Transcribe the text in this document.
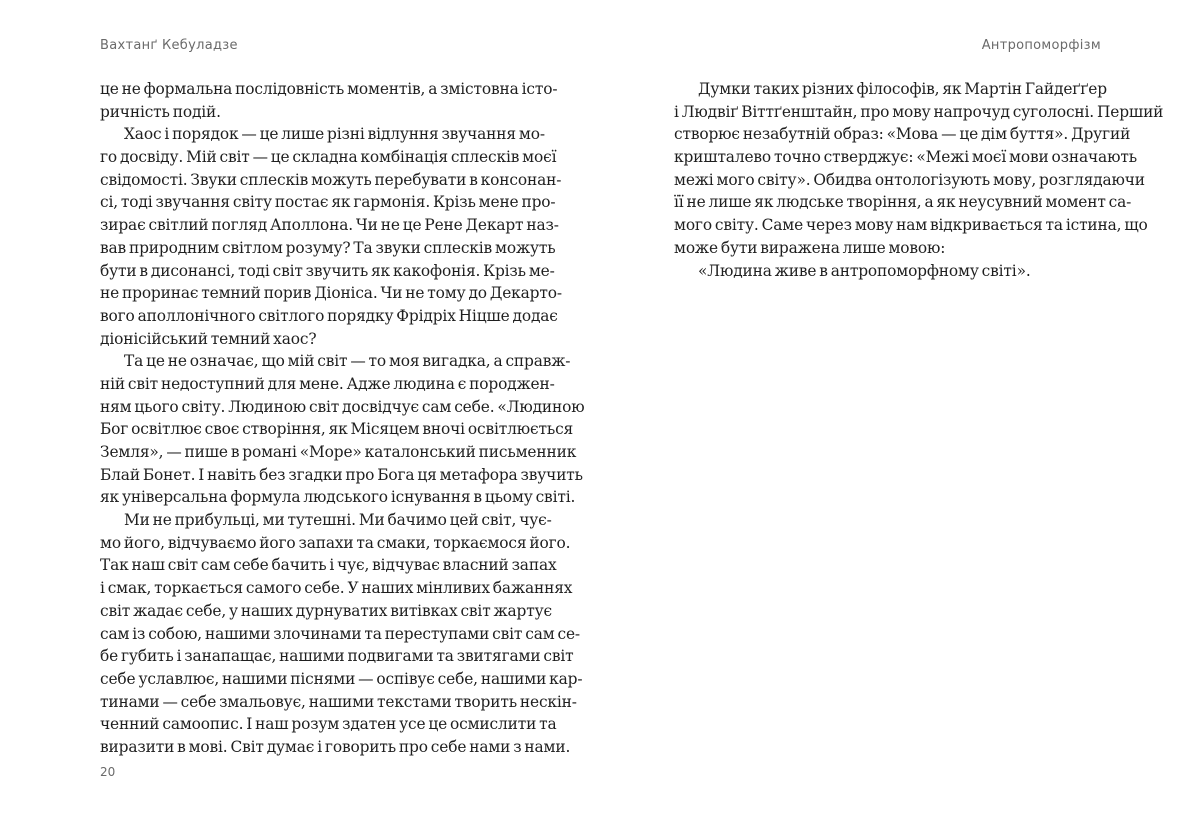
Вахтанґ Кебуладзе
це не формальна послідовність моментів, а змістовна істо-
ричність подій.
Хаос і порядок — це лише різні відлуння звучання мо-
го досвіду. Мій світ — це складна комбінація сплесків моєї
свідомості. Звуки сплесків можуть перебувати в консонан-
сі, тоді звучання світу постає як гармонія. Крізь мене про-
зирає світлий погляд Аполлона. Чи не це Рене Декарт наз-
вав природним світлом розуму? Та звуки сплесків можуть
бути в дисонансі, тоді світ звучить як какофонія. Крізь ме-
не проринає темний порив Діоніса. Чи не тому до Декарто-
вого аполлонічного світлого порядку Фрідріх Ніцше додає
діонісійський темний хаос?
Та це не означає, що мій світ — то моя вигадка, а справж-
ній світ недоступний для мене. Адже людина є породжен-
ням цього світу. Людиною світ досвідчує сам себе. «Людиною
Бог освітлює своє створіння, як Місяцем вночі освітлюється
Земля», — пише в романі «Море» каталонський письменник
Блай Бонет. І навіть без згадки про Бога ця метафора звучить
як універсальна формула людського існування в цьому світі.
Ми не прибульці, ми тутешні. Ми бачимо цей світ, чує-
мо його, відчуваємо його запахи та смаки, торкаємося його.
Так наш світ сам себе бачить і чує, відчуває власний запах
і смак, торкається самого себе. У наших мінливих бажаннях
світ жадає себе, у наших дурнуватих витівках світ жартує
сам із собою, нашими злочинами та переступами світ сам се-
бе губить і занапащає, нашими подвигами та звитягами світ
себе уславлює, нашими піснями — оспівує себе, нашими кар-
тинами — себе змальовує, нашими текстами творить нескін-
ченний самоопис. І наш розум здатен усе це осмислити та
виразити в мові. Світ думає і говорить про себе нами з нами.
20
Антропоморфізм
Думки таких різних філософів, як Мартін Гайдеґґер
і Людвіґ Віттґенштайн, про мову напрочуд суголосні. Перший
створює незабутній образ: «Мова — це дім буття». Другий
кришталево точно стверджує: «Межі моєї мови означають
межі мого світу». Обидва онтологізують мову, розглядаючи
її не лише як людське творіння, а як неусувний момент са-
мого світу. Саме через мову нам відкривається та істина, що
може бути виражена лише мовою:
«Людина живе в антропоморфному світі».
